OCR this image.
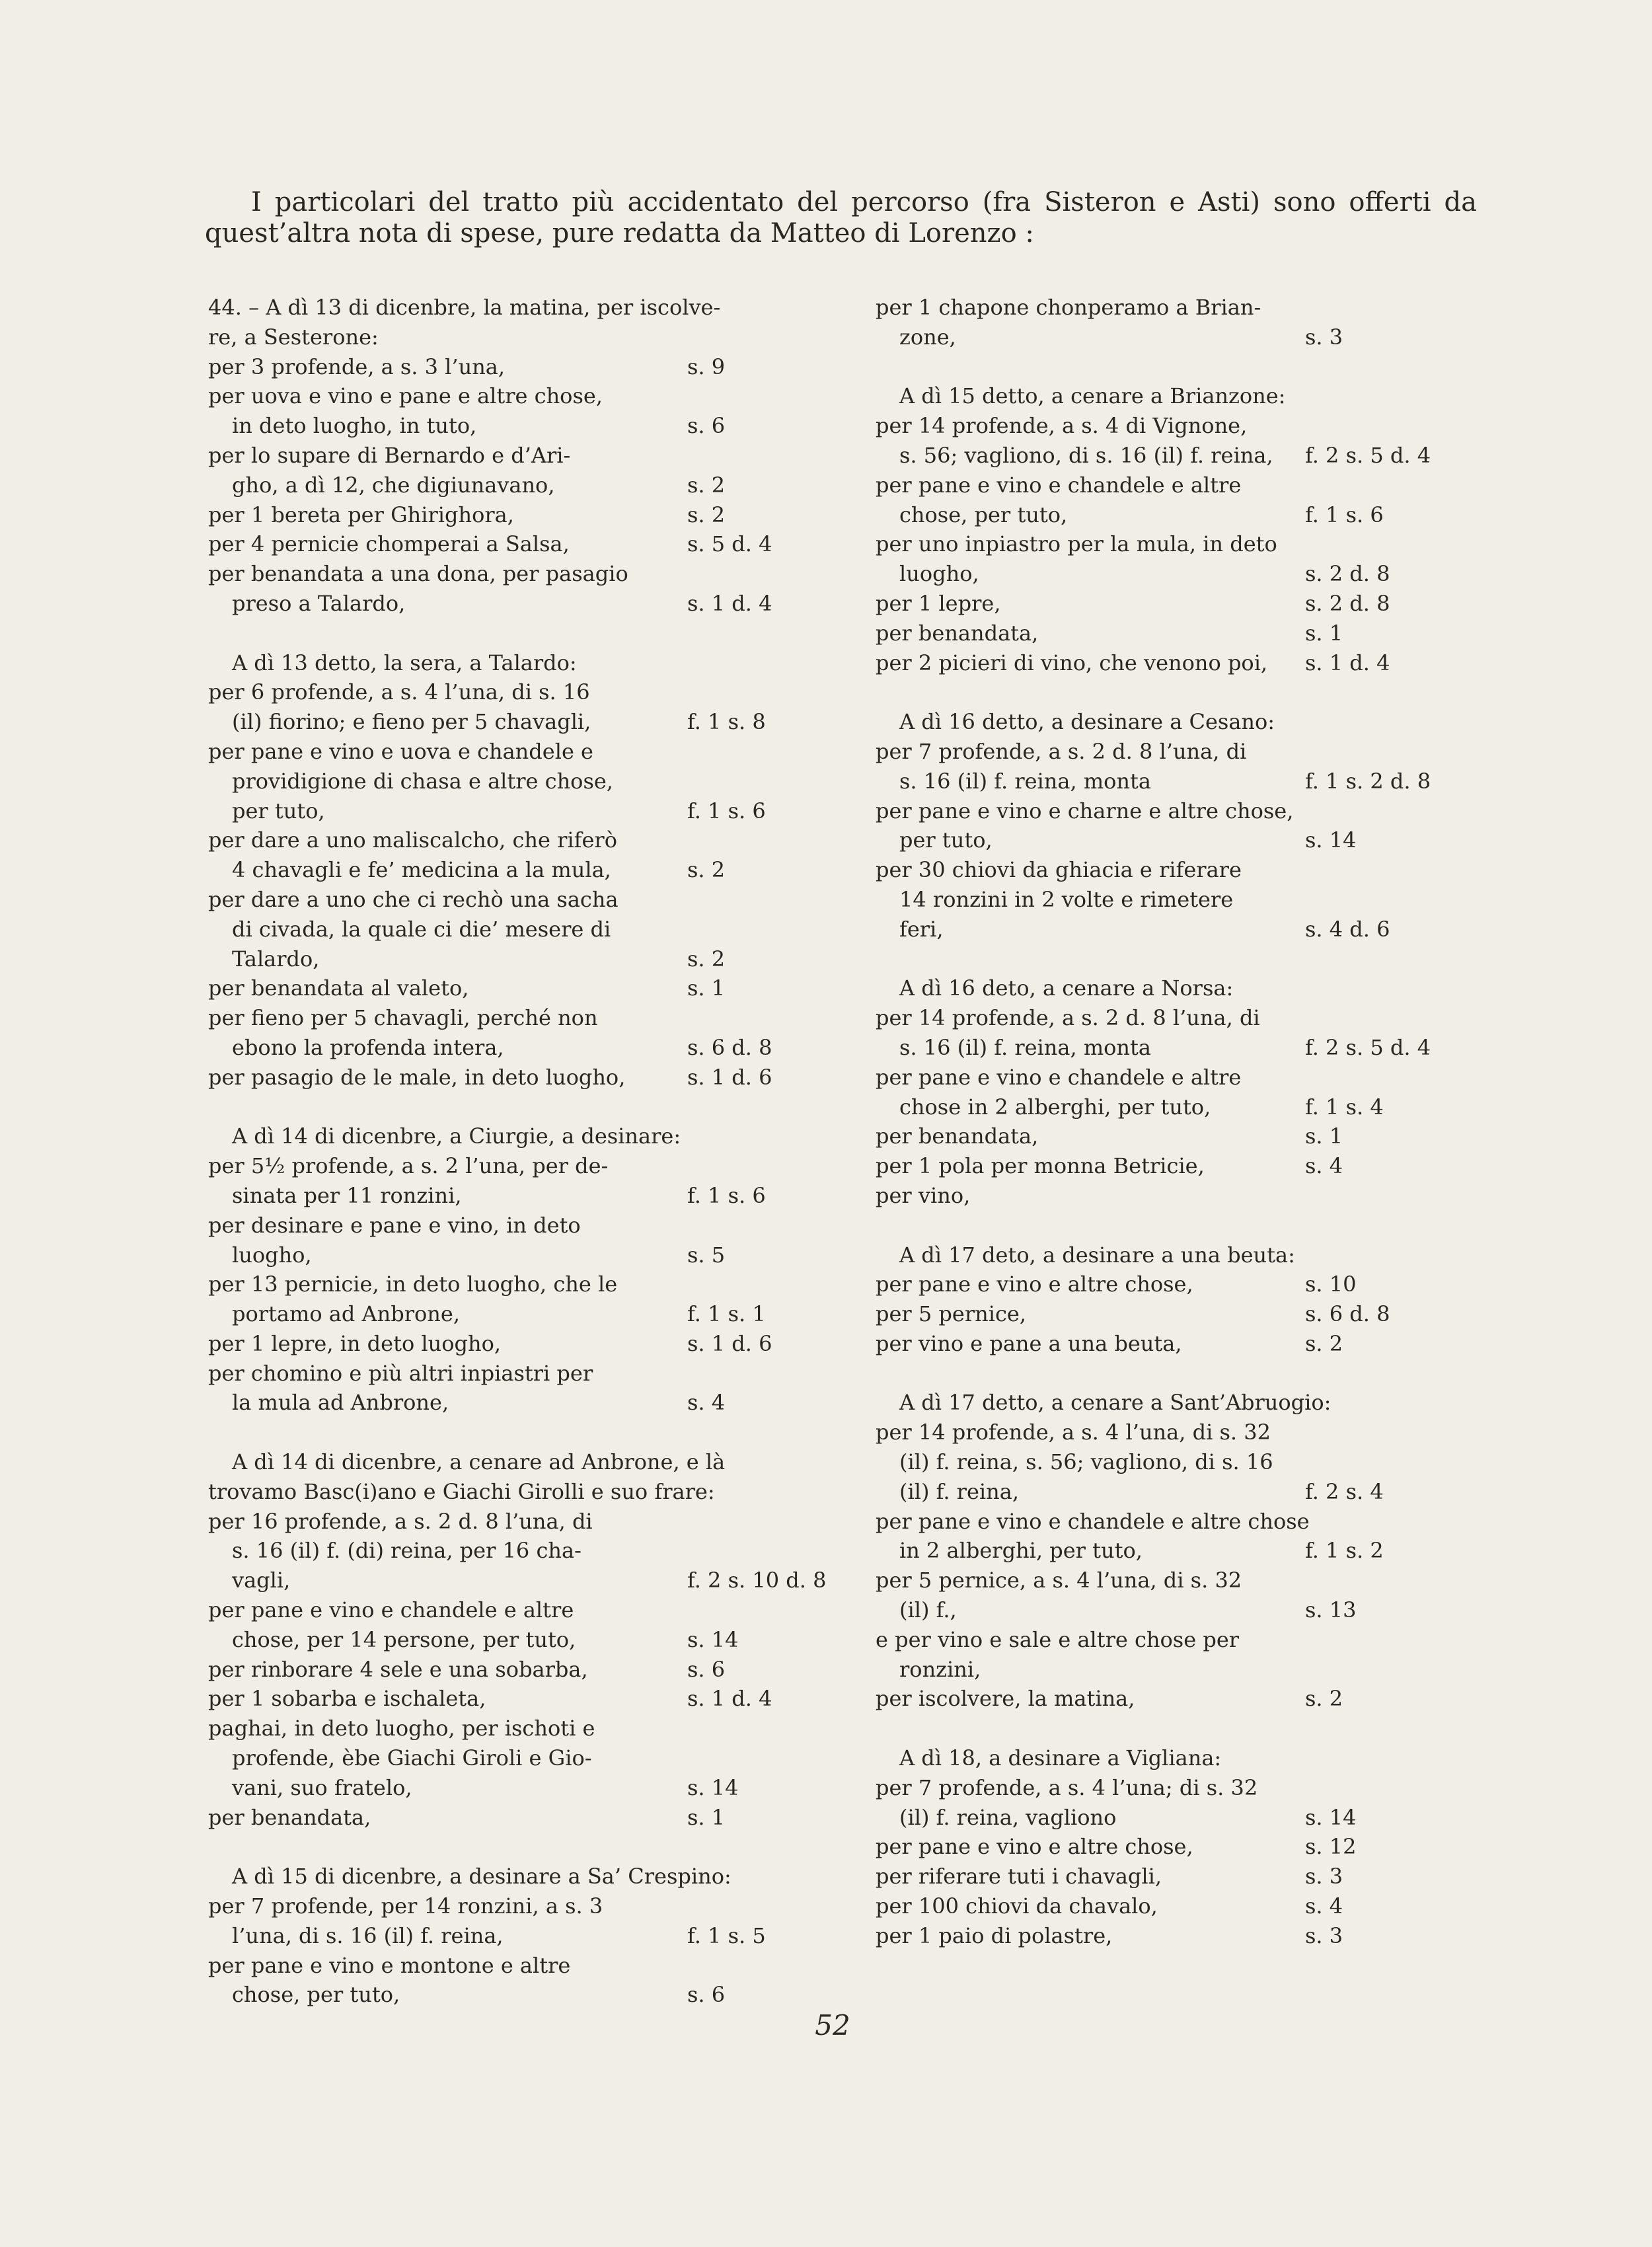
I particolari del tratto più accidentato del percorso (fra Sisteron e Asti) sono offerti da quest’altra nota di spese, pure redatta da Matteo di Lorenzo :

44. – A dì 13 di dicenbre, la matina, per iscolve-
re, a Sesterone:
per 3 profende, a s. 3 l’una,	s. 9
per uova e vino e pane e altre chose,
in deto luogho, in tuto,	s. 6
per lo supare di Bernardo e d’Ari-
gho, a dì 12, che digiunavano,	s. 2
per 1 bereta per Ghirighora,	s. 2
per 4 pernicie chomperai a Salsa,	s. 5 d. 4
per benandata a una dona, per pasagio
preso a Talardo,	s. 1 d. 4
A dì 13 detto, la sera, a Talardo:
per 6 profende, a s. 4 l’una, di s. 16
(il) fiorino; e fieno per 5 chavagli,	f. 1 s. 8
per pane e vino e uova e chandele e
providigione di chasa e altre chose,
per tuto,	f. 1 s. 6
per dare a uno maliscalcho, che riferò
4 chavagli e fe’ medicina a la mula,	s. 2
per dare a uno che ci rechò una sacha
di civada, la quale ci die’ mesere di
Talardo,	s. 2
per benandata al valeto,	s. 1
per fieno per 5 chavagli, perché non
ebono la profenda intera,	s. 6 d. 8
per pasagio de le male, in deto luogho,	s. 1 d. 6
A dì 14 di dicenbre, a Ciurgie, a desinare:
per 5½ profende, a s. 2 l’una, per de-
sinata per 11 ronzini,	f. 1 s. 6
per desinare e pane e vino, in deto
luogho,	s. 5
per 13 pernicie, in deto luogho, che le
portamo ad Anbrone,	f. 1 s. 1
per 1 lepre, in deto luogho,	s. 1 d. 6
per chomino e più altri inpiastri per
la mula ad Anbrone,	s. 4
A dì 14 di dicenbre, a cenare ad Anbrone, e là
trovamo Basc(i)ano e Giachi Girolli e suo frare:
per 16 profende, a s. 2 d. 8 l’una, di
s. 16 (il) f. (di) reina, per 16 cha-
vagli,	f. 2 s. 10 d. 8
per pane e vino e chandele e altre
chose, per 14 persone, per tuto,	s. 14
per rinborare 4 sele e una sobarba,	s. 6
per 1 sobarba e ischaleta,	s. 1 d. 4
paghai, in deto luogho, per ischoti e
profende, èbe Giachi Giroli e Gio-
vani, suo fratelo,	s. 14
per benandata,	s. 1
A dì 15 di dicenbre, a desinare a Sa’ Crespino:
per 7 profende, per 14 ronzini, a s. 3
l’una, di s. 16 (il) f. reina,	f. 1 s. 5
per pane e vino e montone e altre
chose, per tuto,	s. 6
per 1 chapone chonperamo a Brian-
zone,	s. 3
A dì 15 detto, a cenare a Brianzone:
per 14 profende, a s. 4 di Vignone,
s. 56; vagliono, di s. 16 (il) f. reina, f. 2 s. 5 d. 4
per pane e vino e chandele e altre
chose, per tuto,	f. 1 s. 6
per uno inpiastro per la mula, in deto
luogho,	s. 2 d. 8
per 1 lepre,	s. 2 d. 8
per benandata,	s. 1
per 2 picieri di vino, che venono poi, s. 1 d. 4
A dì 16 detto, a desinare a Cesano:
per 7 profende, a s. 2 d. 8 l’una, di
s. 16 (il) f. reina, monta	f. 1 s. 2 d. 8
per pane e vino e charne e altre chose,
per tuto,	s. 14
per 30 chiovi da ghiacia e riferare
14 ronzini in 2 volte e rimetere
feri,	s. 4 d. 6
A dì 16 deto, a cenare a Norsa:
per 14 profende, a s. 2 d. 8 l’una, di
s. 16 (il) f. reina, monta	f. 2 s. 5 d. 4
per pane e vino e chandele e altre
chose in 2 alberghi, per tuto,	f. 1 s. 4
per benandata,	s. 1
per 1 pola per monna Betricie,	s. 4
per vino,
A dì 17 deto, a desinare a una beuta:
per pane e vino e altre chose,	s. 10
per 5 pernice,	s. 6 d. 8
per vino e pane a una beuta,	s. 2
A dì 17 detto, a cenare a Sant’Abruogio:
per 14 profende, a s. 4 l’una, di s. 32
(il) f. reina, s. 56; vagliono, di s. 16
(il) f. reina,	f. 2 s. 4
per pane e vino e chandele e altre chose
in 2 alberghi, per tuto,	f. 1 s. 2
per 5 pernice, a s. 4 l’una, di s. 32
(il) f.,	s. 13
e per vino e sale e altre chose per
ronzini,
per iscolvere, la matina,	s. 2
A dì 18, a desinare a Vigliana:
per 7 profende, a s. 4 l’una; di s. 32
(il) f. reina, vagliono	s. 14
per pane e vino e altre chose,	s. 12
per riferare tuti i chavagli,	s. 3
per 100 chiovi da chavalo,	s. 4
per 1 paio di polastre,	s. 3
52
